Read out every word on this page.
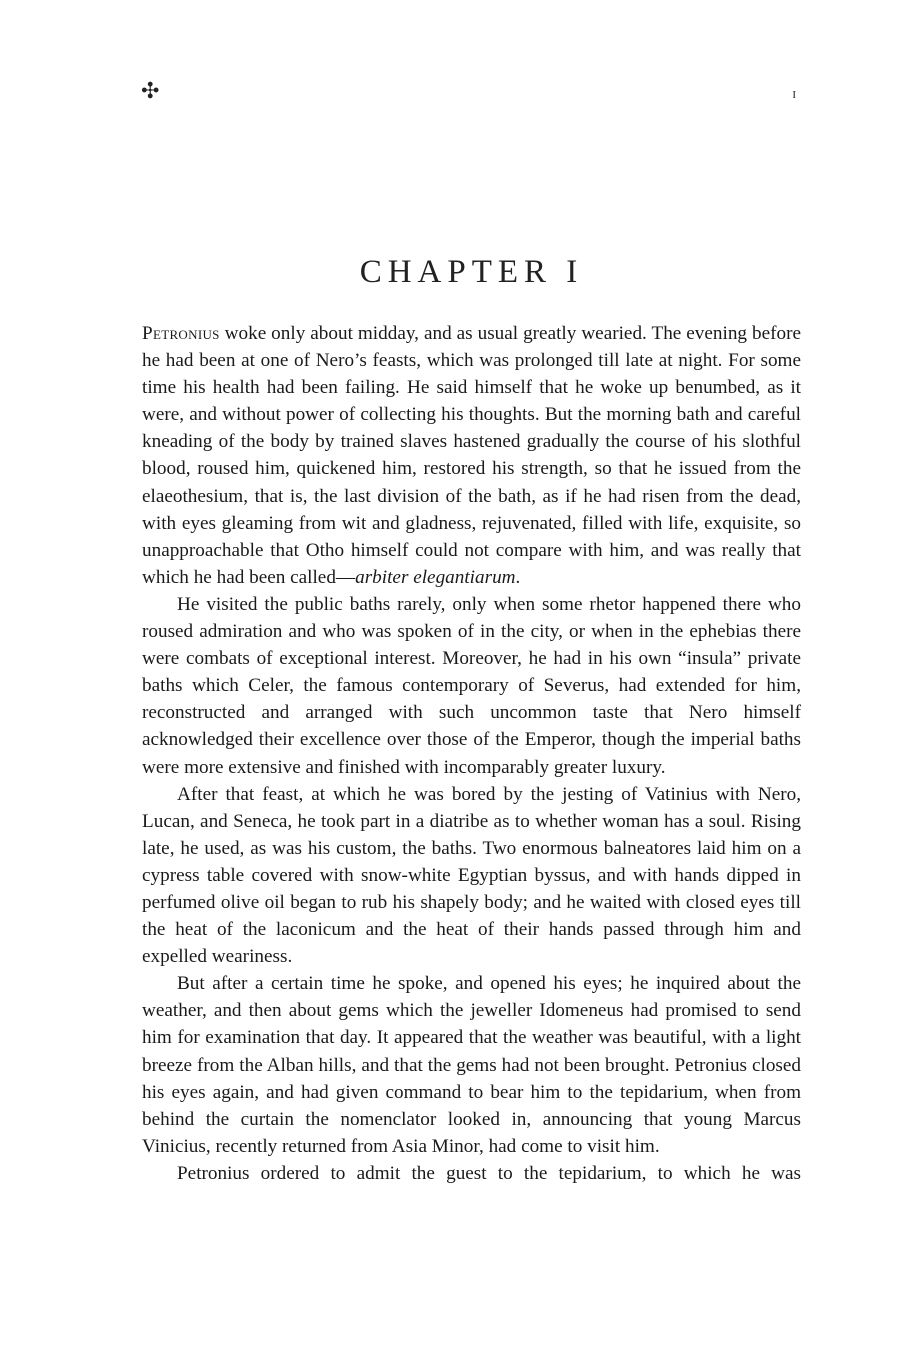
✣	i
CHAPTER I

Petronius woke only about midday, and as usual greatly wearied. The evening before he had been at one of Nero’s feasts, which was prolonged till late at night. For some time his health had been failing. He said himself that he woke up benumbed, as it were, and without power of collecting his thoughts. But the morning bath and careful kneading of the body by trained slaves hastened gradually the course of his slothful blood, roused him, quickened him, restored his strength, so that he issued from the elaeothesium, that is, the last division of the bath, as if he had risen from the dead, with eyes gleaming from wit and gladness, rejuvenated, filled with life, exquisite, so unapproachable that Otho himself could not compare with him, and was really that which he had been called—arbiter elegantiarum.

He visited the public baths rarely, only when some rhetor happened there who roused admiration and who was spoken of in the city, or when in the ephebias there were combats of exceptional interest. Moreover, he had in his own “insula” private baths which Celer, the famous contemporary of Severus, had extended for him, reconstructed and arranged with such uncommon taste that Nero himself acknowledged their excellence over those of the Emperor, though the imperial baths were more extensive and finished with incomparably greater luxury.

After that feast, at which he was bored by the jesting of Vatinius with Nero, Lucan, and Seneca, he took part in a diatribe as to whether woman has a soul. Rising late, he used, as was his custom, the baths. Two enormous balneatores laid him on a cypress table covered with snow-white Egyptian byssus, and with hands dipped in perfumed olive oil began to rub his shapely body; and he waited with closed eyes till the heat of the laconicum and the heat of their hands passed through him and expelled weariness.

But after a certain time he spoke, and opened his eyes; he inquired about the weather, and then about gems which the jeweller Idomeneus had promised to send him for examination that day. It appeared that the weather was beautiful, with a light breeze from the Alban hills, and that the gems had not been brought. Petronius closed his eyes again, and had given command to bear him to the tepidarium, when from behind the curtain the nomenclator looked in, announcing that young Marcus Vinicius, recently returned from Asia Minor, had come to visit him.

Petronius ordered to admit the guest to the tepidarium, to which he was
